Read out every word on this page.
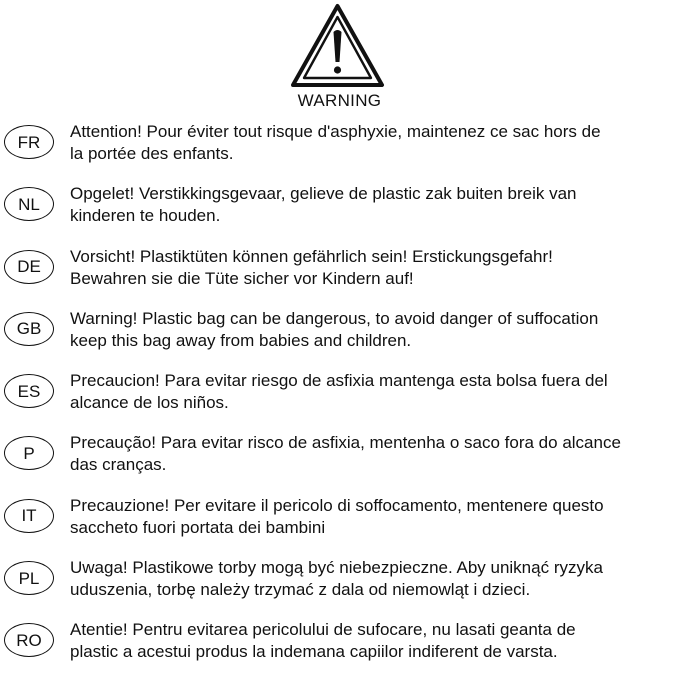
WARNING
FR
Attention! Pour éviter tout risque d'asphyxie, maintenez ce sac hors de
la portée des enfants.
NL
Opgelet! Verstikkingsgevaar, gelieve de plastic zak buiten breik van
kinderen te houden.
DE
Vorsicht! Plastiktüten können gefährlich sein! Erstickungsgefahr!
Bewahren sie die Tüte sicher vor Kindern auf!
GB
Warning! Plastic bag can be dangerous, to avoid danger of suffocation
keep this bag away from babies and children.
ES
Precaucion! Para evitar riesgo de asfixia mantenga esta bolsa fuera del
alcance de los niños.
P
Precaução! Para evitar risco de asfixia, mentenha o saco fora do alcance
das cranças.
IT
Precauzione! Per evitare il pericolo di soffocamento, mentenere questo
saccheto fuori portata dei bambini
PL
Uwaga! Plastikowe torby mogą być niebezpieczne. Aby uniknąć ryzyka
uduszenia, torbę należy trzymać z dala od niemowląt i dzieci.
RO
Atentie! Pentru evitarea pericolului de sufocare, nu lasati geanta de
plastic a acestui produs la indemana capiilor indiferent de varsta.
